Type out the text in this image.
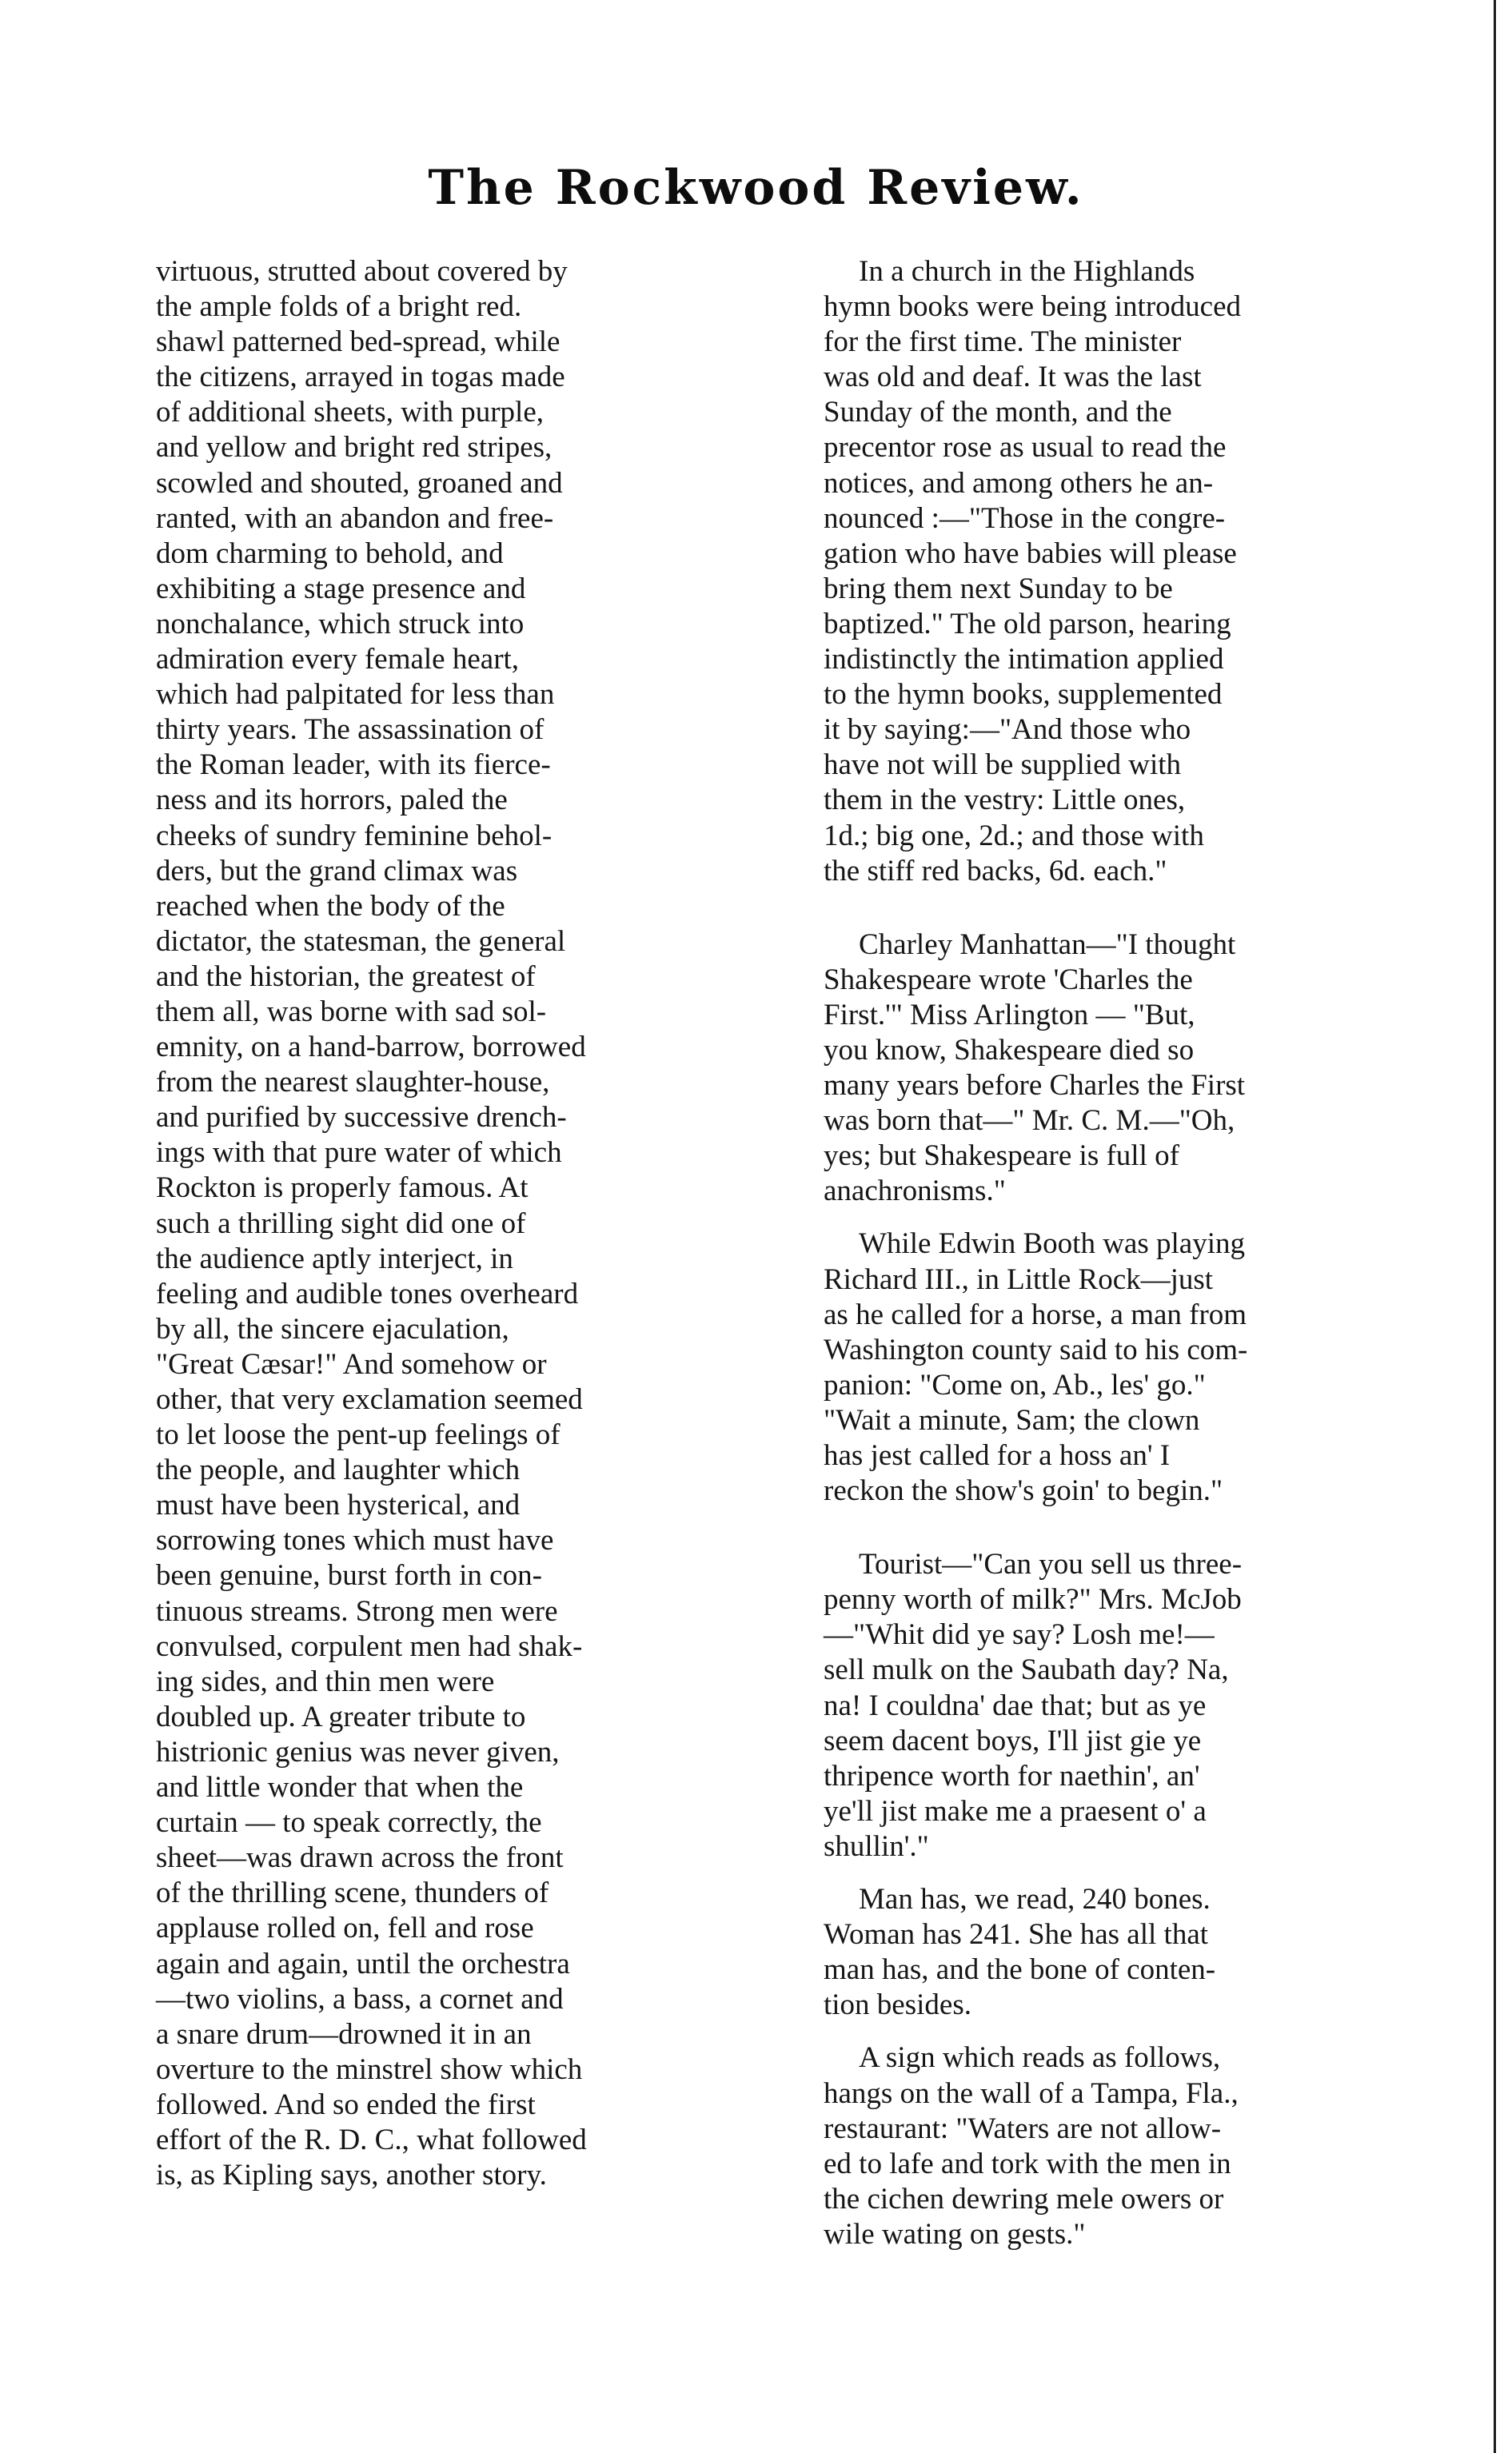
The Rockwood Review.

virtuous, strutted about covered by
the ample folds of a bright red.
shawl patterned bed-spread, while
the citizens, arrayed in togas made
of additional sheets, with purple,
and yellow and bright red stripes,
scowled and shouted, groaned and
ranted, with an abandon and free-
dom charming to behold, and
exhibiting a stage presence and
nonchalance, which struck into
admiration every female heart,
which had palpitated for less than
thirty years. The assassination of
the Roman leader, with its fierce-
ness and its horrors, paled the
cheeks of sundry feminine behol-
ders, but the grand climax was
reached when the body of the
dictator, the statesman, the general
and the historian, the greatest of
them all, was borne with sad sol-
emnity, on a hand-barrow, borrowed
from the nearest slaughter-house,
and purified by successive drench-
ings with that pure water of which
Rockton is properly famous. At
such a thrilling sight did one of
the audience aptly interject, in
feeling and audible tones overheard
by all, the sincere ejaculation,
"Great Cæsar!" And somehow or
other, that very exclamation seemed
to let loose the pent-up feelings of
the people, and laughter which
must have been hysterical, and
sorrowing tones which must have
been genuine, burst forth in con-
tinuous streams. Strong men were
convulsed, corpulent men had shak-
ing sides, and thin men were
doubled up. A greater tribute to
histrionic genius was never given,
and little wonder that when the
curtain — to speak correctly, the
sheet—was drawn across the front
of the thrilling scene, thunders of
applause rolled on, fell and rose
again and again, until the orchestra
—two violins, a bass, a cornet and
a snare drum—drowned it in an
overture to the minstrel show which
followed. And so ended the first
effort of the R. D. C., what followed
is, as Kipling says, another story.

In a church in the Highlands
hymn books were being introduced
for the first time. The minister
was old and deaf. It was the last
Sunday of the month, and the
precentor rose as usual to read the
notices, and among others he an-
nounced :—"Those in the congre-
gation who have babies will please
bring them next Sunday to be
baptized." The old parson, hearing
indistinctly the intimation applied
to the hymn books, supplemented
it by saying:—"And those who
have not will be supplied with
them in the vestry: Little ones,
1d.; big one, 2d.; and those with
the stiff red backs, 6d. each."

Charley Manhattan—"I thought
Shakespeare wrote 'Charles the
First.'" Miss Arlington — "But,
you know, Shakespeare died so
many years before Charles the First
was born that—" Mr. C. M.—"Oh,
yes; but Shakespeare is full of
anachronisms."

While Edwin Booth was playing
Richard III., in Little Rock—just
as he called for a horse, a man from
Washington county said to his com-
panion: "Come on, Ab., les' go."
"Wait a minute, Sam; the clown
has jest called for a hoss an' I
reckon the show's goin' to begin."

Tourist—"Can you sell us three-
penny worth of milk?" Mrs. McJob
—"Whit did ye say? Losh me!—
sell mulk on the Saubath day? Na,
na! I couldna' dae that; but as ye
seem dacent boys, I'll jist gie ye
thripence worth for naethin', an'
ye'll jist make me a praesent o' a
shullin'."

Man has, we read, 240 bones.
Woman has 241. She has all that
man has, and the bone of conten-
tion besides.

A sign which reads as follows,
hangs on the wall of a Tampa, Fla.,
restaurant: "Waters are not allow-
ed to lafe and tork with the men in
the cichen dewring mele owers or
wile wating on gests."
